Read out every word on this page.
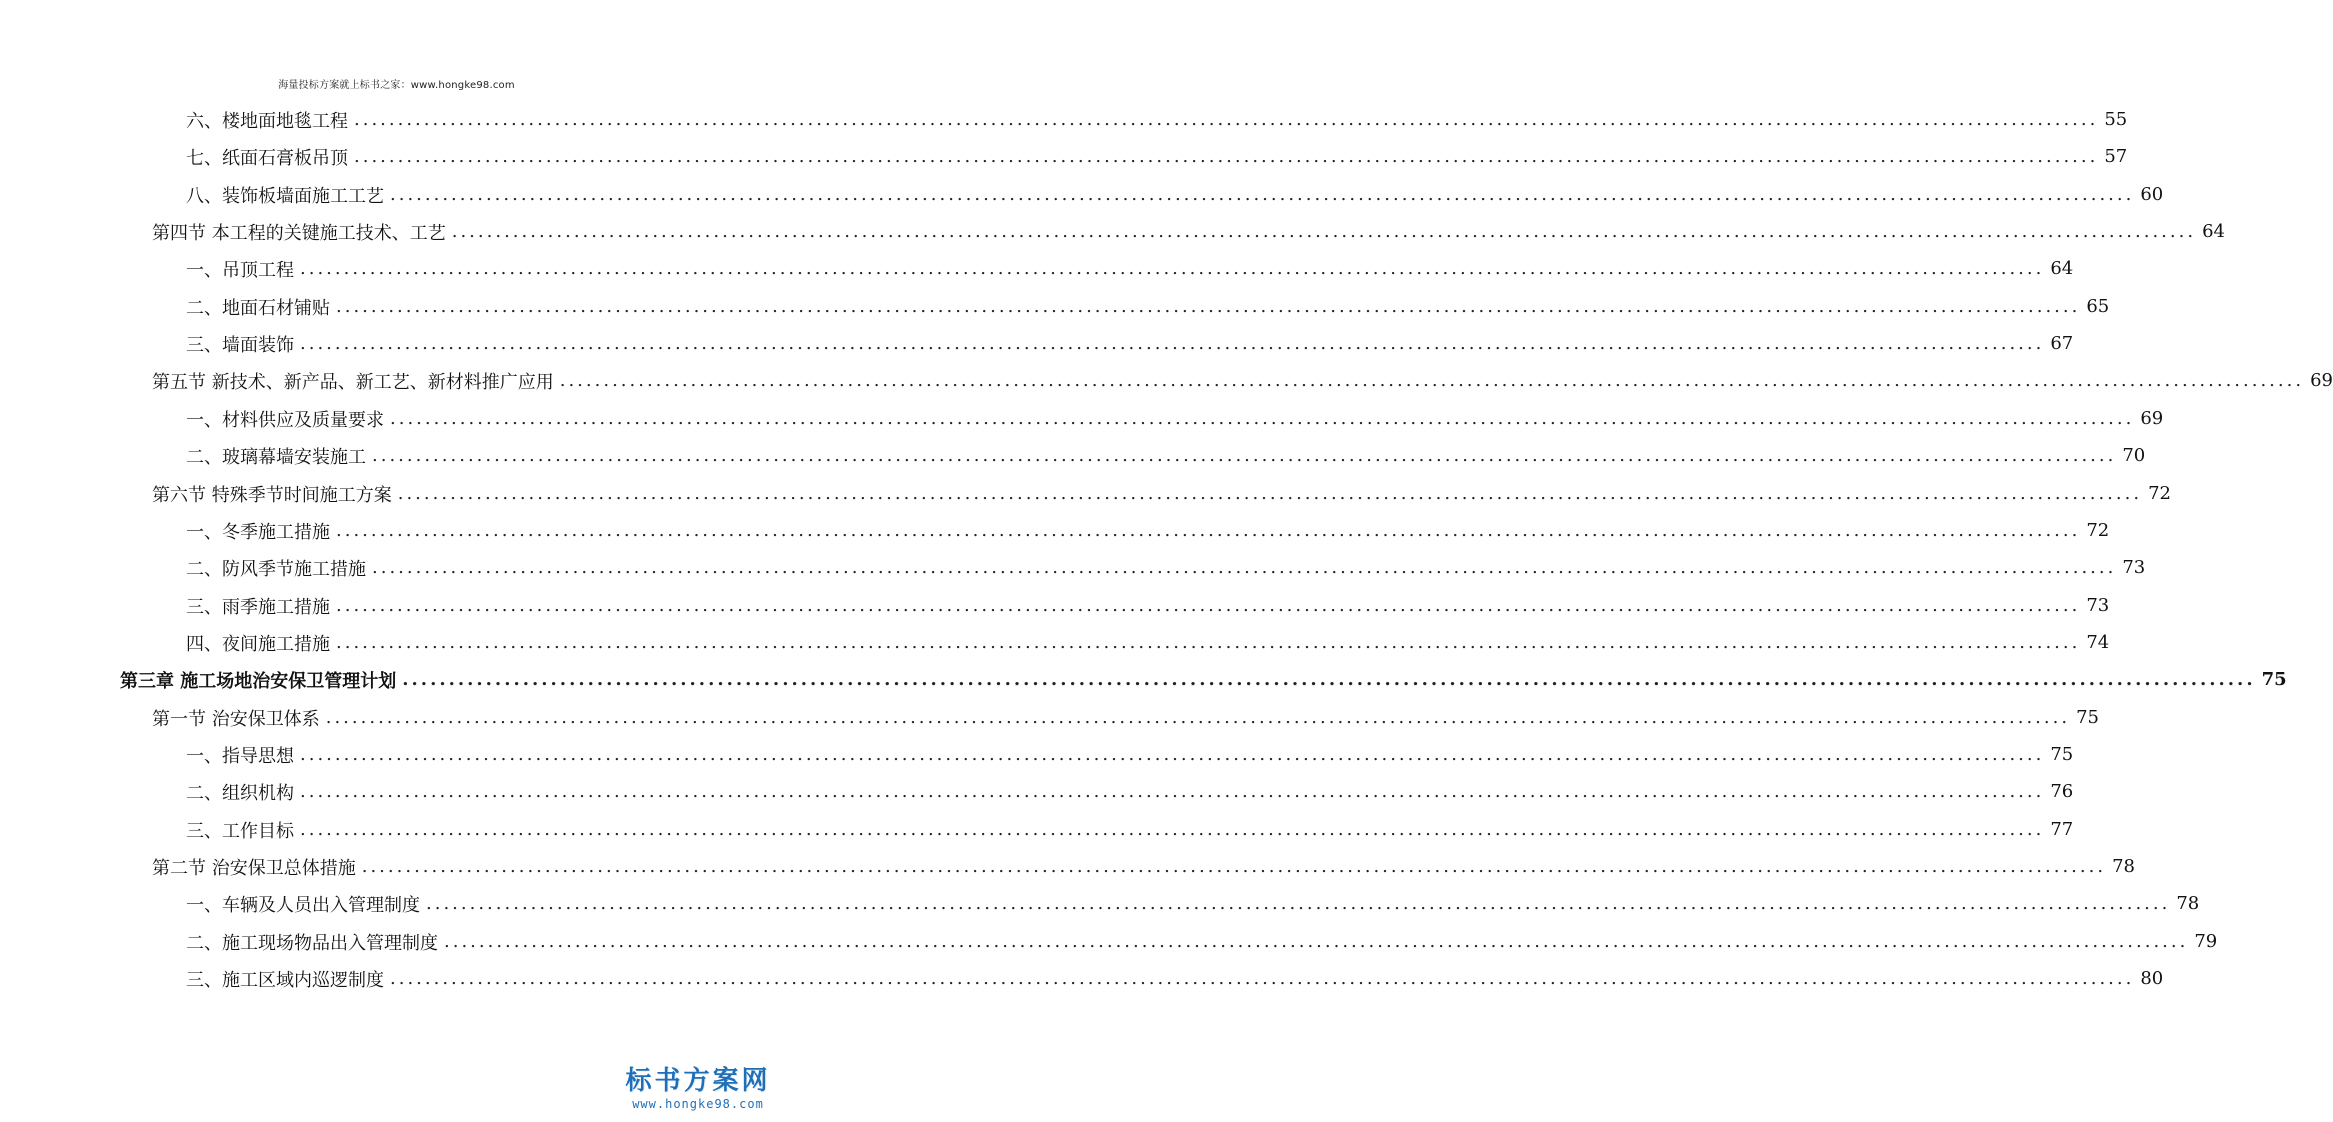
海量投标方案就上标书之家：www.hongke98.com
六、楼地面地毯工程 ........................................................................................................................................................................................................ 55
七、纸面石膏板吊顶 ........................................................................................................................................................................................................ 57
八、装饰板墙面施工工艺 ........................................................................................................................................................................................................ 60
第四节 本工程的关键施工技术、工艺 ........................................................................................................................................................................................................ 64
一、吊顶工程 ........................................................................................................................................................................................................ 64
二、地面石材铺贴 ........................................................................................................................................................................................................ 65
三、墙面装饰 ........................................................................................................................................................................................................ 67
第五节 新技术、新产品、新工艺、新材料推广应用 ........................................................................................................................................................................................................ 69
一、材料供应及质量要求 ........................................................................................................................................................................................................ 69
二、玻璃幕墙安装施工 ........................................................................................................................................................................................................ 70
第六节 特殊季节时间施工方案 ........................................................................................................................................................................................................ 72
一、冬季施工措施 ........................................................................................................................................................................................................ 72
二、防风季节施工措施 ........................................................................................................................................................................................................ 73
三、雨季施工措施 ........................................................................................................................................................................................................ 73
四、夜间施工措施 ........................................................................................................................................................................................................ 74
第三章 施工场地治安保卫管理计划 ........................................................................................................................................................................................................ 75
第一节 治安保卫体系 ........................................................................................................................................................................................................ 75
一、指导思想 ........................................................................................................................................................................................................ 75
二、组织机构 ........................................................................................................................................................................................................ 76
三、工作目标 ........................................................................................................................................................................................................ 77
第二节 治安保卫总体措施 ........................................................................................................................................................................................................ 78
一、车辆及人员出入管理制度 ........................................................................................................................................................................................................ 78
二、施工现场物品出入管理制度 ........................................................................................................................................................................................................ 79
三、施工区域内巡逻制度 ........................................................................................................................................................................................................ 80
标书方案网
www.hongke98.com
